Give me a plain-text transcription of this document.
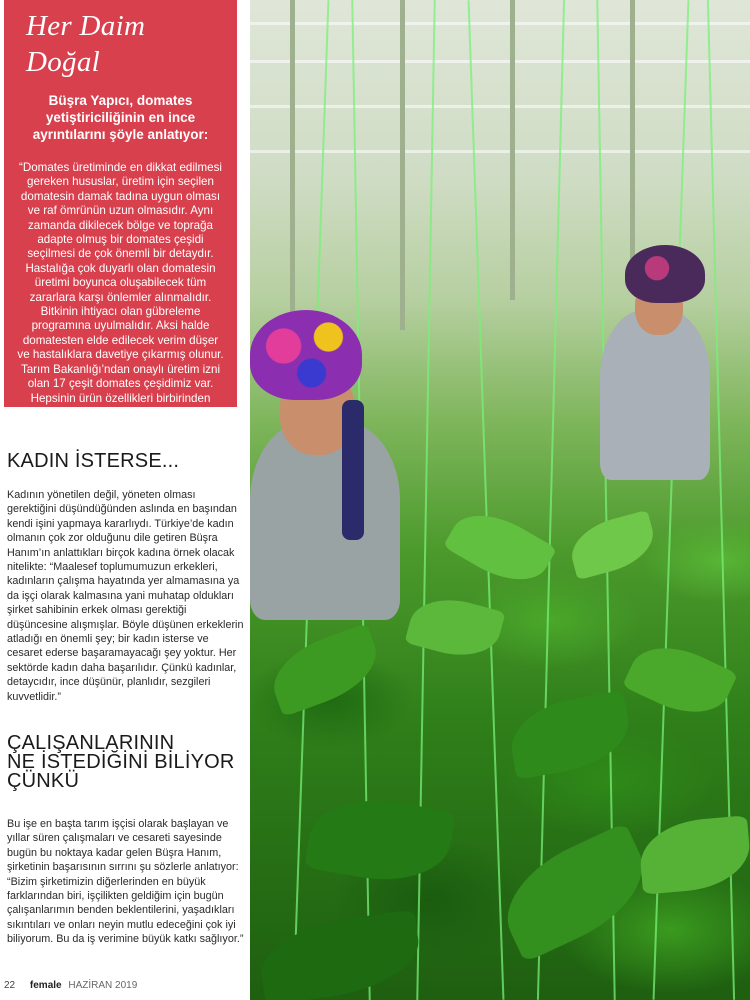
Her Daim Doğal

Büşra Yapıcı, domates yetiştiriciliğinin en ince ayrıntılarını şöyle anlatıyor:

“Domates üretiminde en dikkat edilmesi gereken hususlar, üretim için seçilen domatesin damak tadına uygun olması ve raf ömrünün uzun olmasıdır. Aynı zamanda dikilecek bölge ve toprağa adapte olmuş bir domates çeşidi seçilmesi de çok önemli bir detaydır. Hastalığa çok duyarlı olan domatesin üretimi boyunca oluşabilecek tüm zararlara karşı önlemler alınmalıdır. Bitkinin ihtiyacı olan gübreleme programına uyulmalıdır. Aksi halde domatesten elde edilecek verim düşer ve hastalıklara davetiye çıkarmış olunur. Tarım Bakanlığı’ndan onaylı üretim izni olan 17 çeşit domates çeşidimiz var. Hepsinin ürün özellikleri birbirinden farklı.”

KADIN İSTERSE...

Kadının yönetilen değil, yöneten olması gerektiğini düşündüğünden aslında en başından kendi işini yapmaya kararlıydı. Türkiye’de kadın olmanın çok zor olduğunu dile getiren Büşra Hanım’ın anlattıkları birçok kadına örnek olacak nitelikte: “Maalesef toplumumuzun erkekleri, kadınların çalışma hayatında yer almamasına ya da işçi olarak kalmasına yani muhatap oldukları şirket sahibinin erkek olması gerektiği düşüncesine alışmışlar. Böyle düşünen erkeklerin atladığı en önemli şey; bir kadın isterse ve cesaret ederse başaramayacağı şey yoktur. Her sektörde kadın daha başarılıdır. Çünkü kadınlar, detaycıdır, ince düşünür, planlıdır, sezgileri kuvvetlidir.”

ÇALIŞANLARININ
NE İSTEDİĞİNİ BİLİYOR
ÇÜNKÜ

Bu işe en başta tarım işçisi olarak başlayan ve yıllar süren çalışmaları ve cesareti sayesinde bugün bu noktaya kadar gelen Büşra Hanım, şirketinin başarısının sırrını şu sözlerle anlatıyor: “Bizim şirketimizin diğerlerinden en büyük farklarından biri, işçilikten geldiğim için bugün çalışanlarımın benden beklentilerini, yaşadıkları sıkıntıları ve onları neyin mutlu edeceğini çok iyi biliyorum. Bu da iş verimine büyük katkı sağlıyor.”

22 female HAZİRAN 2019
